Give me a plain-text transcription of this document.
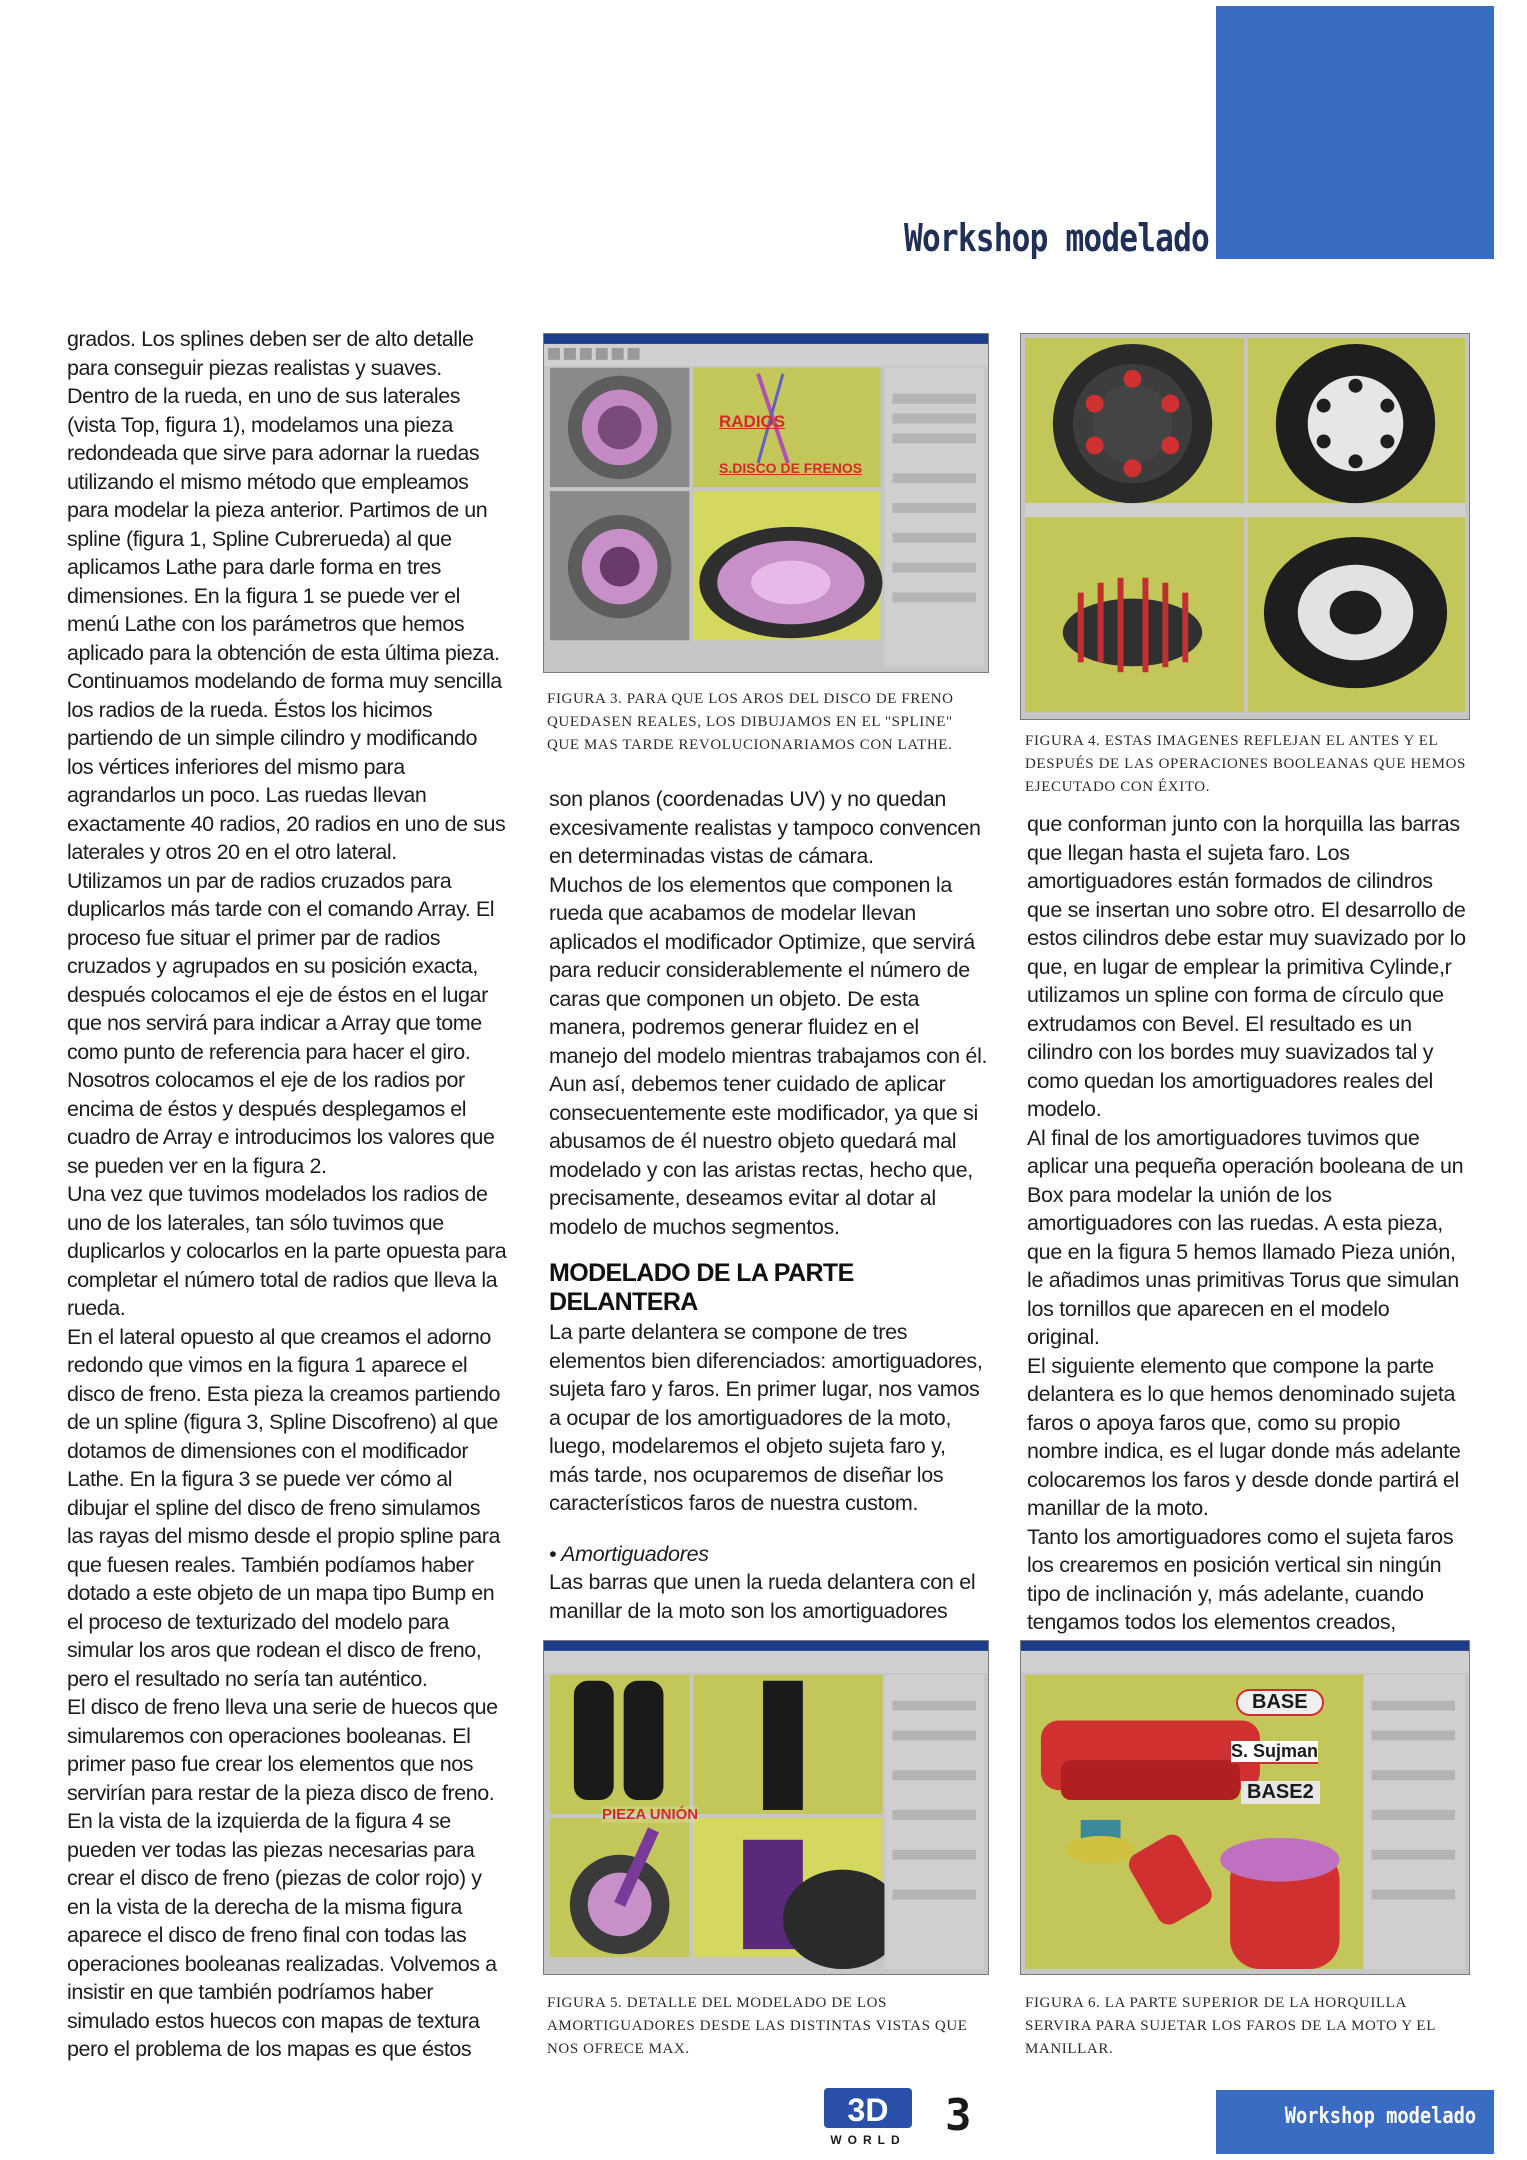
Workshop modelado

grados. Los splines deben ser de alto detalle para conseguir piezas realistas y suaves.

Dentro de la rueda, en uno de sus laterales (vista Top, figura 1), modelamos una pieza redondeada que sirve para adornar la ruedas utilizando el mismo método que empleamos para modelar la pieza anterior. Partimos de un spline (figura 1, Spline Cubrerueda) al que aplicamos Lathe para darle forma en tres dimensiones. En la figura 1 se puede ver el menú Lathe con los parámetros que hemos aplicado para la obtención de esta última pieza.

Continuamos modelando de forma muy sencilla los radios de la rueda. Éstos los hicimos partiendo de un simple cilindro y modificando los vértices inferiores del mismo para agrandarlos un poco. Las ruedas llevan exactamente 40 radios, 20 radios en uno de sus laterales y otros 20 en el otro lateral.

Utilizamos un par de radios cruzados para duplicarlos más tarde con el comando Array. El proceso fue situar el primer par de radios cruzados y agrupados en su posición exacta, después colocamos el eje de éstos en el lugar que nos servirá para indicar a Array que tome como punto de referencia para hacer el giro. Nosotros colocamos el eje de los radios por encima de éstos y después desplegamos el cuadro de Array e introducimos los valores que se pueden ver en la figura 2.

Una vez que tuvimos modelados los radios de uno de los laterales, tan sólo tuvimos que duplicarlos y colocarlos en la parte opuesta para completar el número total de radios que lleva la rueda.

En el lateral opuesto al que creamos el adorno redondo que vimos en la figura 1 aparece el disco de freno. Esta pieza la creamos partiendo de un spline (figura 3, Spline Discofreno) al que dotamos de dimensiones con el modificador Lathe. En la figura 3 se puede ver cómo al dibujar el spline del disco de freno simulamos las rayas del mismo desde el propio spline para que fuesen reales. También podíamos haber dotado a este objeto de un mapa tipo Bump en el proceso de texturizado del modelo para simular los aros que rodean el disco de freno, pero el resultado no sería tan auténtico.

El disco de freno lleva una serie de huecos que simularemos con operaciones booleanas. El primer paso fue crear los elementos que nos servirían para restar de la pieza disco de freno. En la vista de la izquierda de la figura 4 se pueden ver todas las piezas necesarias para crear el disco de freno (piezas de color rojo) y en la vista de la derecha de la misma figura aparece el disco de freno final con todas las operaciones booleanas realizadas. Volvemos a insistir en que también podríamos haber simulado estos huecos con mapas de textura pero el problema de los mapas es que éstos

RADIOS
S.DISCO DE FRENOS
FIGURA 3. PARA QUE LOS AROS DEL DISCO DE FRENO QUEDASEN REALES, LOS DIBUJAMOS EN EL "SPLINE" QUE MAS TARDE REVOLUCIONARIAMOS CON LATHE.	FIGURA 4. ESTAS IMAGENES REFLEJAN EL ANTES Y EL DESPUÉS DE LAS OPERACIONES BOOLEANAS QUE HEMOS EJECUTADO CON ÉXITO.

son planos (coordenadas UV) y no quedan excesivamente realistas y tampoco convencen en determinadas vistas de cámara.

Muchos de los elementos que componen la rueda que acabamos de modelar llevan aplicados el modificador Optimize, que servirá para reducir considerablemente el número de caras que componen un objeto. De esta manera, podremos generar fluidez en el manejo del modelo mientras trabajamos con él. Aun así, debemos tener cuidado de aplicar consecuentemente este modificador, ya que si abusamos de él nuestro objeto quedará mal modelado y con las aristas rectas, hecho que, precisamente, deseamos evitar al dotar al modelo de muchos segmentos.

MODELADO DE LA PARTE DELANTERA

La parte delantera se compone de tres elementos bien diferenciados: amortiguadores, sujeta faro y faros. En primer lugar, nos vamos a ocupar de los amortiguadores de la moto, luego, modelaremos el objeto sujeta faro y, más tarde, nos ocuparemos de diseñar los característicos faros de nuestra custom.

• Amortiguadores

Las barras que unen la rueda delantera con el manillar de la moto son los amortiguadores

que conforman junto con la horquilla las barras que llegan hasta el sujeta faro. Los amortiguadores están formados de cilindros que se insertan uno sobre otro. El desarrollo de estos cilindros debe estar muy suavizado por lo que, en lugar de emplear la primitiva Cylinde,r utilizamos un spline con forma de círculo que extrudamos con Bevel. El resultado es un cilindro con los bordes muy suavizados tal y como quedan los amortiguadores reales del modelo.

Al final de los amortiguadores tuvimos que aplicar una pequeña operación booleana de un Box para modelar la unión de los amortiguadores con las ruedas. A esta pieza, que en la figura 5 hemos llamado Pieza unión, le añadimos unas primitivas Torus que simulan los tornillos que aparecen en el modelo original.

El siguiente elemento que compone la parte delantera es lo que hemos denominado sujeta faros o apoya faros que, como su propio nombre indica, es el lugar donde más adelante colocaremos los faros y desde donde partirá el manillar de la moto.

Tanto los amortiguadores como el sujeta faros los crearemos en posición vertical sin ningún tipo de inclinación y, más adelante, cuando tengamos todos los elementos creados,

PIEZA UNIÓN
FIGURA 5. DETALLE DEL MODELADO DE LOS AMORTIGUADORES DESDE LAS DISTINTAS VISTAS QUE NOS OFRECE MAX.
BASE
S. Sujman
BASE2
FIGURA 6. LA PARTE SUPERIOR DE LA HORQUILLA SERVIRA PARA SUJETAR LOS FAROS DE LA MOTO Y EL MANILLAR.
3D
WORLD 3	Workshop modelado
